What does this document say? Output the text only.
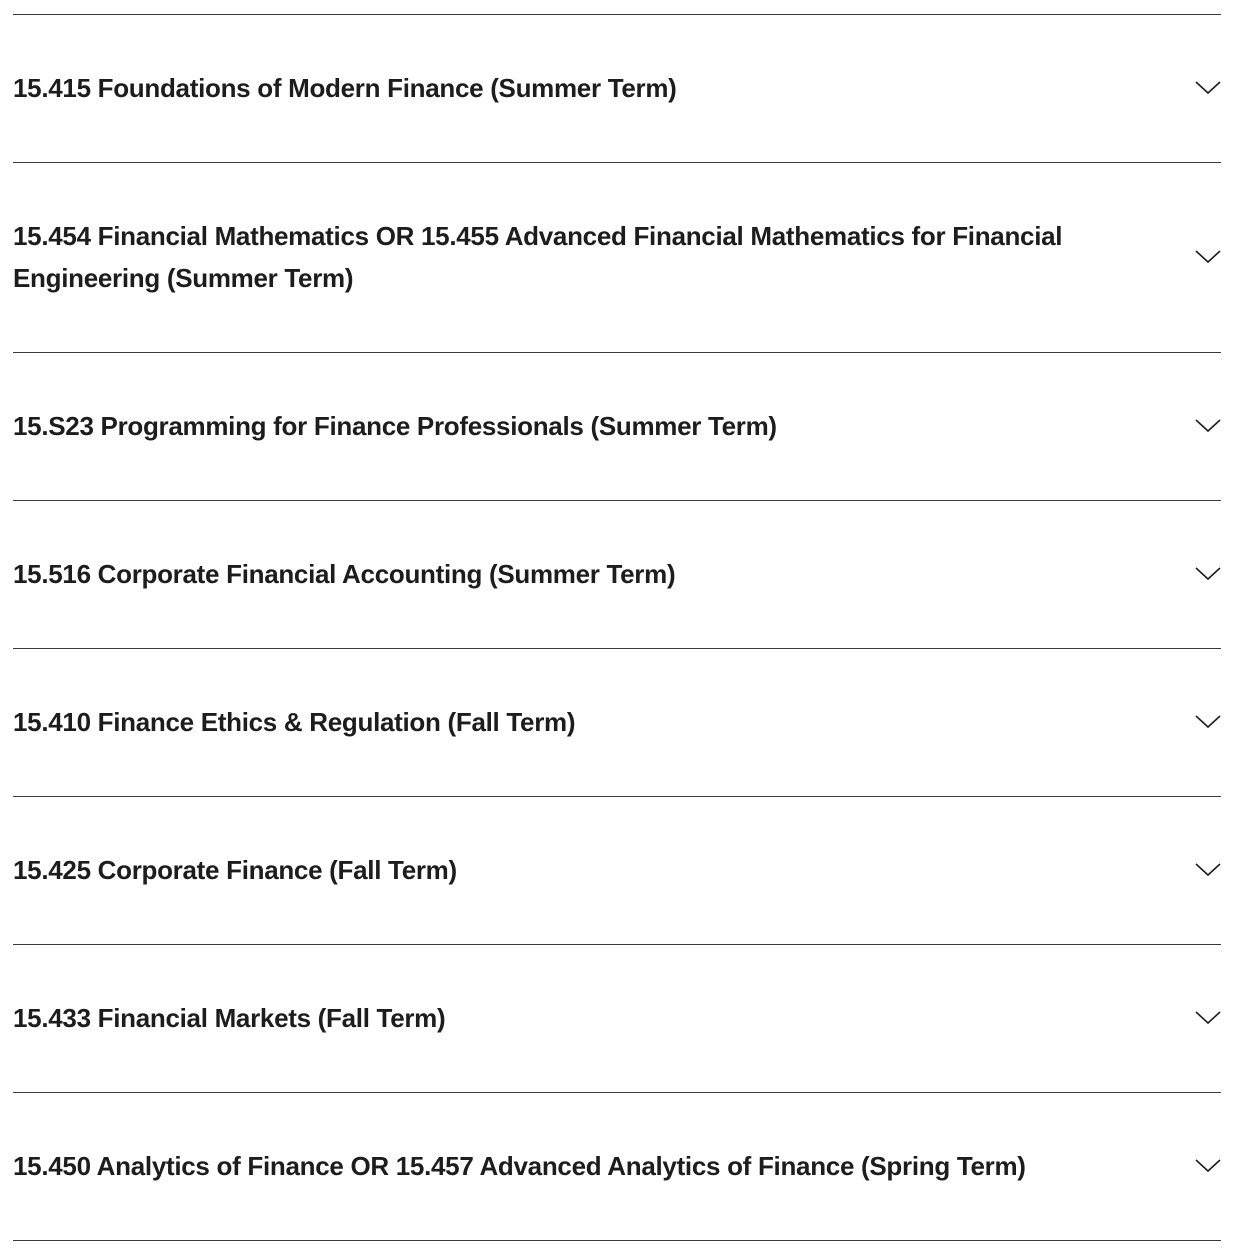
15.415 Foundations of Modern Finance (Summer Term)
15.454 Financial Mathematics OR 15.455 Advanced Financial Mathematics for Financial Engineering (Summer Term)
15.S23 Programming for Finance Professionals (Summer Term)
15.516 Corporate Financial Accounting (Summer Term)
15.410 Finance Ethics & Regulation (Fall Term)
15.425 Corporate Finance (Fall Term)
15.433 Financial Markets (Fall Term)
15.450 Analytics of Finance OR 15.457 Advanced Analytics of Finance (Spring Term)
